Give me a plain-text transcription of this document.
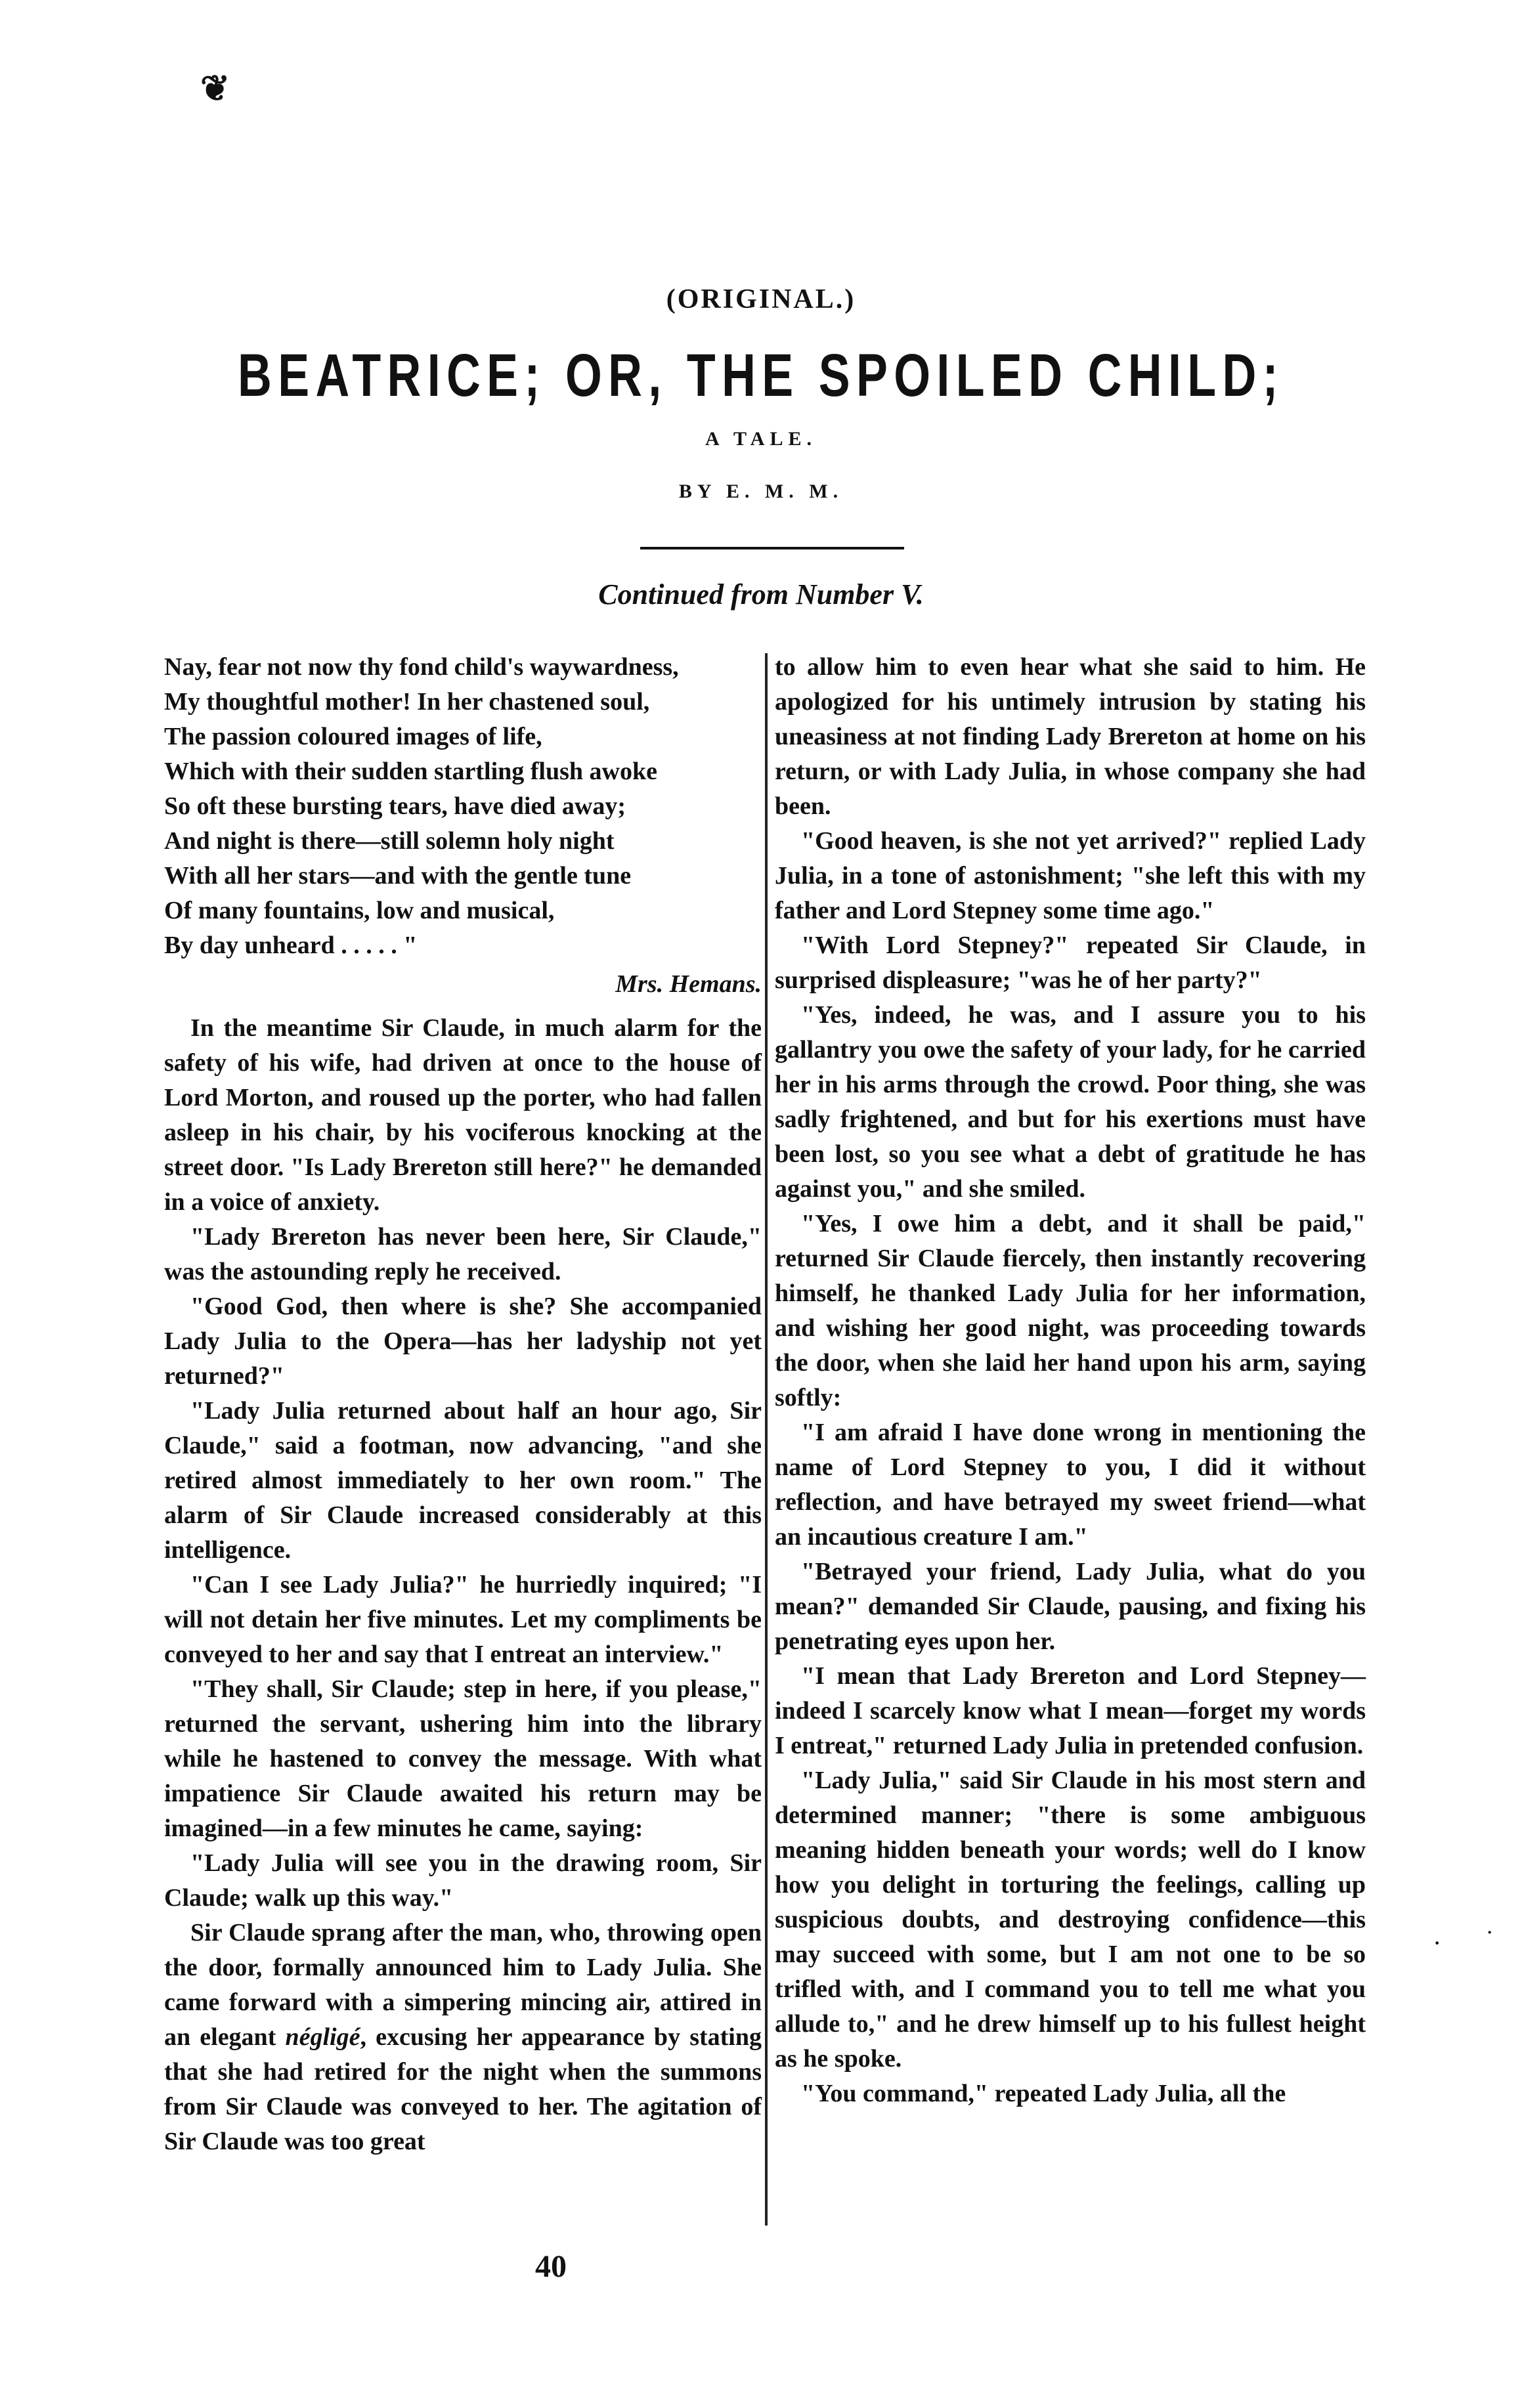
❦
· ˙
(ORIGINAL.)
BEATRICE; OR, THE SPOILED CHILD;
A TALE.
BY E. M. M.
Continued from Number V.
Nay, fear not now thy fond child's waywardness,
My thoughtful mother! In her chastened soul,
The passion coloured images of life,
Which with their sudden startling flush awoke
So oft these bursting tears, have died away;
And night is there—still solemn holy night
With all her stars—and with the gentle tune
Of many fountains, low and musical,
By day unheard . . . . . "
Mrs. Hemans.

In the meantime Sir Claude, in much alarm for the safety of his wife, had driven at once to the house of Lord Morton, and roused up the porter, who had fallen asleep in his chair, by his vociferous knocking at the street door. "Is Lady Brereton still here?" he demanded in a voice of anxiety.

"Lady Brereton has never been here, Sir Claude," was the astounding reply he received.

"Good God, then where is she? She accompanied Lady Julia to the Opera—has her ladyship not yet returned?"

"Lady Julia returned about half an hour ago, Sir Claude," said a footman, now advancing, "and she retired almost immediately to her own room." The alarm of Sir Claude increased considerably at this intelligence.

"Can I see Lady Julia?" he hurriedly inquired; "I will not detain her five minutes. Let my compliments be conveyed to her and say that I entreat an interview."

"They shall, Sir Claude; step in here, if you please," returned the servant, ushering him into the library while he hastened to convey the message. With what impatience Sir Claude awaited his return may be imagined—in a few minutes he came, saying:

"Lady Julia will see you in the drawing room, Sir Claude; walk up this way."

Sir Claude sprang after the man, who, throwing open the door, formally announced him to Lady Julia. She came forward with a simpering mincing air, attired in an elegant négligé, excusing her appearance by stating that she had retired for the night when the summons from Sir Claude was conveyed to her. The agitation of Sir Claude was too great

to allow him to even hear what she said to him. He apologized for his untimely intrusion by stating his uneasiness at not finding Lady Brereton at home on his return, or with Lady Julia, in whose company she had been.

"Good heaven, is she not yet arrived?" replied Lady Julia, in a tone of astonishment; "she left this with my father and Lord Stepney some time ago."

"With Lord Stepney?" repeated Sir Claude, in surprised displeasure; "was he of her party?"

"Yes, indeed, he was, and I assure you to his gallantry you owe the safety of your lady, for he carried her in his arms through the crowd. Poor thing, she was sadly frightened, and but for his exertions must have been lost, so you see what a debt of gratitude he has against you," and she smiled.

"Yes, I owe him a debt, and it shall be paid," returned Sir Claude fiercely, then instantly recovering himself, he thanked Lady Julia for her information, and wishing her good night, was proceeding towards the door, when she laid her hand upon his arm, saying softly:

"I am afraid I have done wrong in mentioning the name of Lord Stepney to you, I did it without reflection, and have betrayed my sweet friend—what an incautious creature I am."

"Betrayed your friend, Lady Julia, what do you mean?" demanded Sir Claude, pausing, and fixing his penetrating eyes upon her.

"I mean that Lady Brereton and Lord Stepney—indeed I scarcely know what I mean—forget my words I entreat," returned Lady Julia in pretended confusion.

"Lady Julia," said Sir Claude in his most stern and determined manner; "there is some ambiguous meaning hidden beneath your words; well do I know how you delight in torturing the feelings, calling up suspicious doubts, and destroying confidence—this may succeed with some, but I am not one to be so trifled with, and I command you to tell me what you allude to," and he drew himself up to his fullest height as he spoke.

"You command," repeated Lady Julia, all the

40
